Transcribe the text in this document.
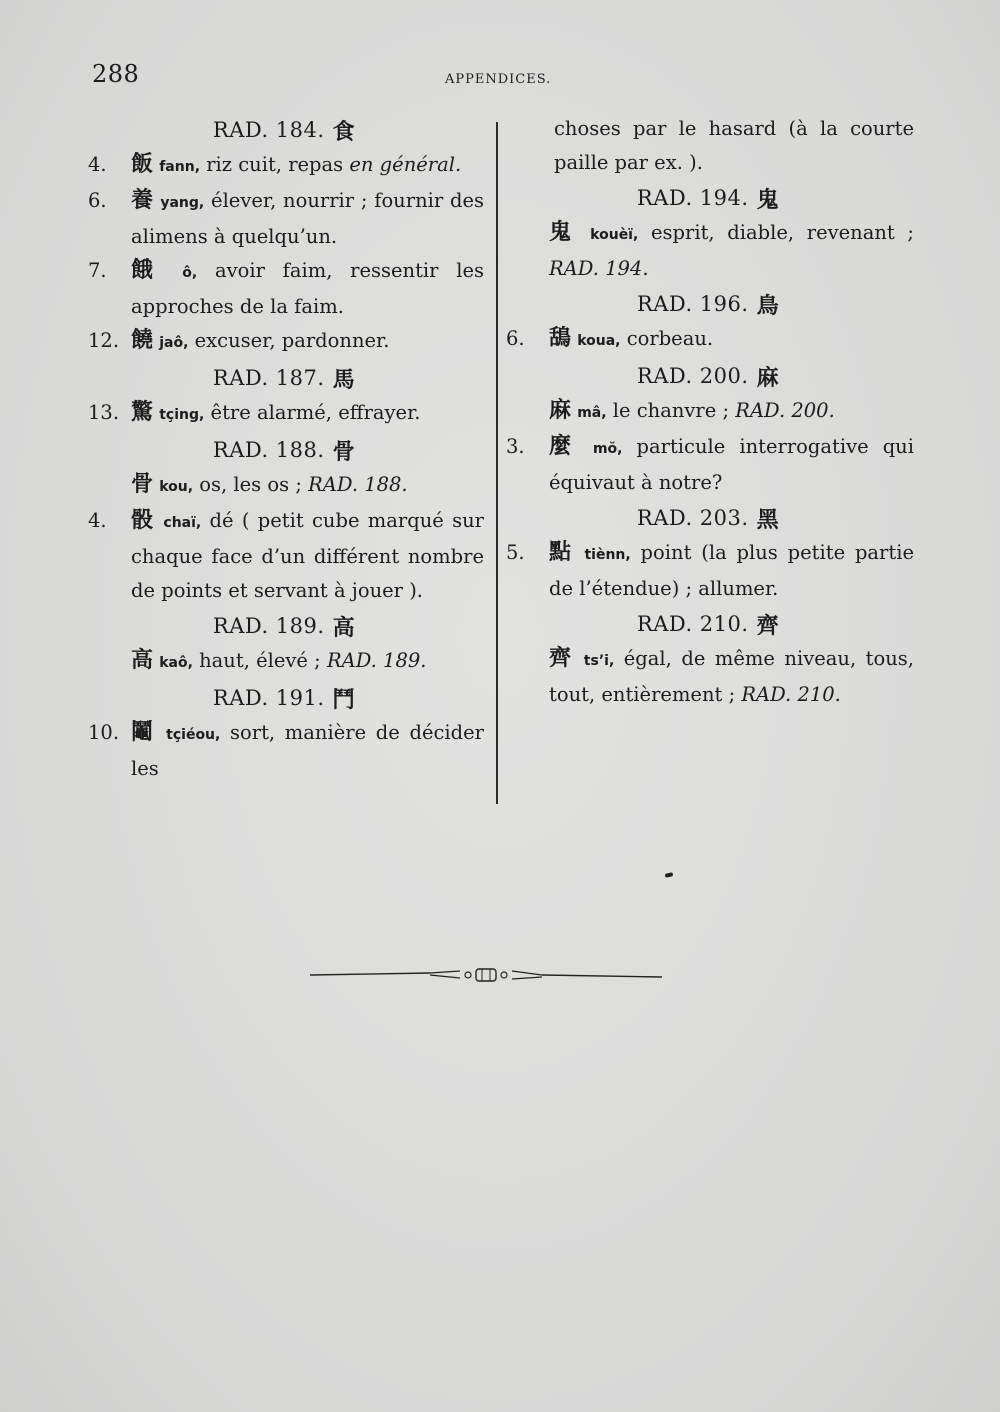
288	APPENDICES.
RAD. 184. 食
4. 飯 fann, riz cuit, repas en général.
6. 養 yang, élever, nourrir ; fournir des alimens à quelqu’un.
7. 餓 ô, avoir faim, ressentir les approches de la faim.
12. 饒 jaô, excuser, pardonner.
RAD. 187. 馬
13. 驚 tçing, être alarmé, effrayer.
RAD. 188. 骨
骨 kou, os, les os ; RAD. 188.
4. 骰 chaï, dé ( petit cube marqué sur chaque face d’un différent nombre de points et servant à jouer ).
RAD. 189. 高
高 kaô, haut, élevé ; RAD. 189.
RAD. 191. 鬥
10. 鬮 tçiéou, sort, manière de décider les
choses par le hasard (à la courte paille par ex. ).
RAD. 194. 鬼
鬼 kouèï, esprit, diable, revenant ; RAD. 194.
RAD. 196. 鳥
6. 鴰 koua, corbeau.
RAD. 200. 麻
麻 mâ, le chanvre ; RAD. 200.
3. 麼 mŏ, particule interrogative qui équivaut à notre?
RAD. 203. 黑
5. 點 tiènn, point (la plus petite partie de l’étendue) ; allumer.
RAD. 210. 齊
齊 ts’i, égal, de même niveau, tous, tout, entièrement ; RAD. 210.
